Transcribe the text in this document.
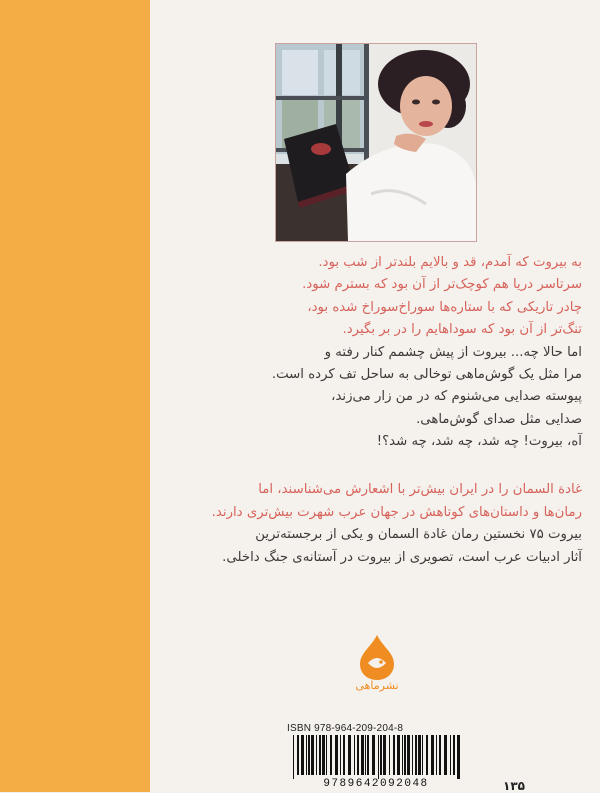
به بیروت که آمدم، قد و بالایم بلندتر از شب بود.
سرتاسر دریا هم کوچک‌تر از آن بود که بسترم شود.
چادر تاریکی که با ستاره‌ها سوراخ‌سوراخ شده بود،
تنگ‌تر از آن بود که سوداهایم را در بر بگیرد.
اما حالا چه... بیروت از پیش چشمم کنار رفته و
مرا مثل یک گوش‌ماهی توخالی به ساحل تف کرده است.
پیوسته صدایی می‌شنوم که در من زار می‌زند،
صدایی مثل صدای گوش‌ماهی.
آه، بیروت! چه شد، چه شد، چه شد؟!
غادة السمان را در ایران بیش‌تر با اشعارش می‌شناسند، اما
رمان‌ها و داستان‌های کوتاهش در جهان عرب شهرت بیش‌تری دارند.
بیروت ۷۵ نخستین رمان غادة السمان و یکی از برجسته‌ترین
آثار ادبیات عرب است، تصویری از بیروت در آستانه‌ی جنگ داخلی.
نشرماهی
ISBN 978-964-209-204-8
9789642092048	۱۳۵
